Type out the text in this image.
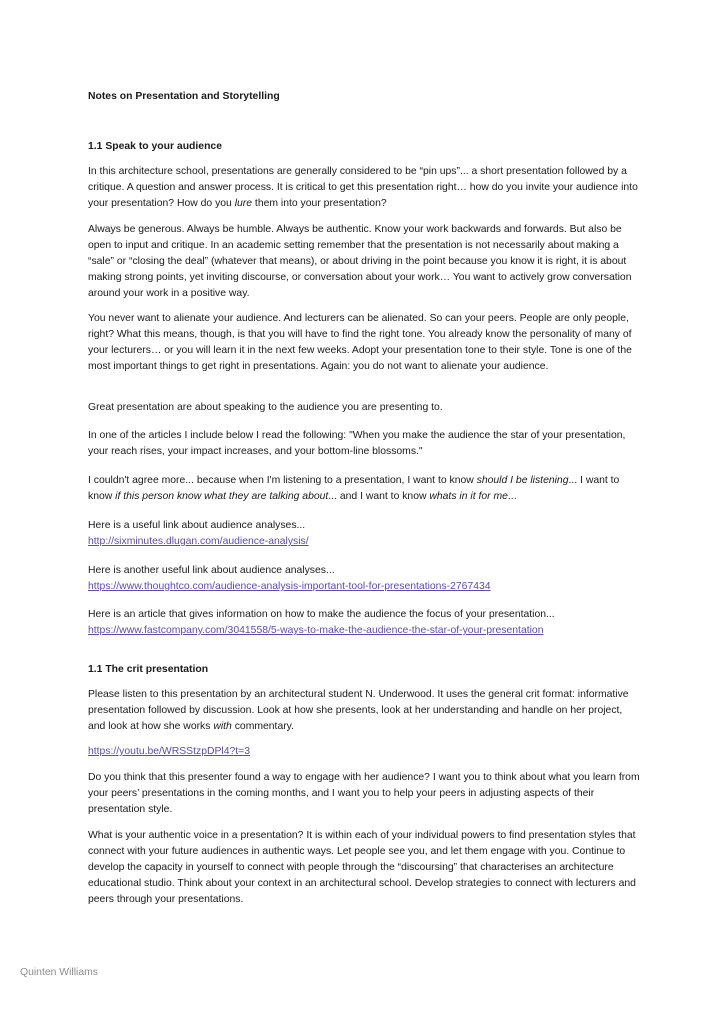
Notes on Presentation and Storytelling

1.1 Speak to your audience

In this architecture school, presentations are generally considered to be “pin ups”... a short presentation followed by a critique. A question and answer process. It is critical to get this presentation right… how do you invite your audience into your presentation? How do you lure them into your presentation?

Always be generous. Always be humble. Always be authentic. Know your work backwards and forwards. But also be open to input and critique. In an academic setting remember that the presentation is not necessarily about making a “sale” or “closing the deal” (whatever that means), or about driving in the point because you know it is right, it is about making strong points, yet inviting discourse, or conversation about your work… You want to actively grow conversation around your work in a positive way.

You never want to alienate your audience. And lecturers can be alienated. So can your peers. People are only people, right? What this means, though, is that you will have to find the right tone. You already know the personality of many of your lecturers… or you will learn it in the next few weeks. Adopt your presentation tone to their style. Tone is one of the most important things to get right in presentations. Again: you do not want to alienate your audience.

Great presentation are about speaking to the audience you are presenting to.

In one of the articles I include below I read the following: "When you make the audience the star of your presentation, your reach rises, your impact increases, and your bottom-line blossoms."

I couldn't agree more... because when I'm listening to a presentation, I want to know should I be listening... I want to know if this person know what they are talking about... and I want to know whats in it for me...

Here is a useful link about audience analyses...

http://sixminutes.dlugan.com/audience-analysis/

Here is another useful link about audience analyses...

https://www.thoughtco.com/audience-analysis-important-tool-for-presentations-2767434

Here is an article that gives information on how to make the audience the focus of your presentation...

https://www.fastcompany.com/3041558/5-ways-to-make-the-audience-the-star-of-your-presentation

1.1 The crit presentation

Please listen to this presentation by an architectural student N. Underwood. It uses the general crit format: informative presentation followed by discussion. Look at how she presents, look at her understanding and handle on her project, and look at how she works with commentary.

https://youtu.be/WRSStzpDPl4?t=3

Do you think that this presenter found a way to engage with her audience? I want you to think about what you learn from your peers’ presentations in the coming months, and I want you to help your peers in adjusting aspects of their presentation style.

What is your authentic voice in a presentation? It is within each of your individual powers to find presentation styles that connect with your future audiences in authentic ways. Let people see you, and let them engage with you. Continue to develop the capacity in yourself to connect with people through the “discoursing” that characterises an architecture educational studio. Think about your context in an architectural school. Develop strategies to connect with lecturers and peers through your presentations.

Quinten Williams
